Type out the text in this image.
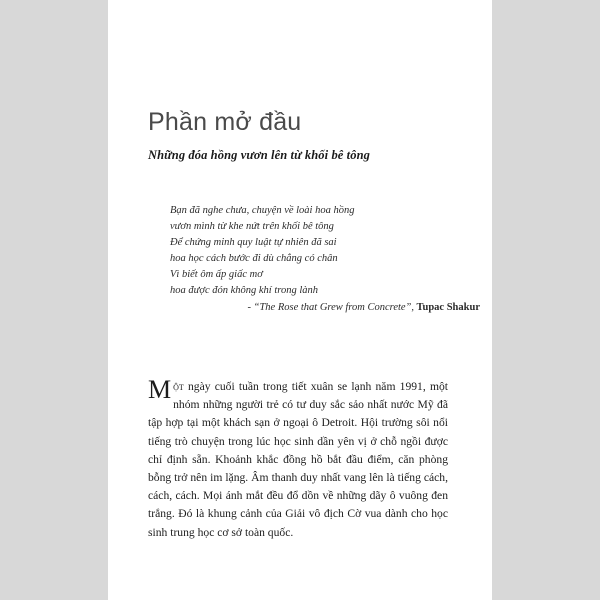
Phần mở đầu
Những đóa hồng vươn lên từ khối bê tông
Bạn đã nghe chưa, chuyện về loài hoa hồng
vươn mình từ khe nứt trên khối bê tông
Để chứng minh quy luật tự nhiên đã sai
hoa học cách bước đi dù chẳng có chân
Vì biết ôm ấp giấc mơ
hoa được đón không khí trong lành
- “The Rose that Grew from Concrete”, Tupac Shakur
Một ngày cuối tuần trong tiết xuân se lạnh năm 1991, một nhóm những người trẻ có tư duy sắc sảo nhất nước Mỹ đã tập hợp tại một khách sạn ở ngoại ô Detroit. Hội trường sôi nổi tiếng trò chuyện trong lúc học sinh dần yên vị ở chỗ ngồi được chỉ định sẵn. Khoảnh khắc đồng hồ bắt đầu điểm, căn phòng bỗng trở nên im lặng. Âm thanh duy nhất vang lên là tiếng cách, cách, cách. Mọi ánh mắt đều đổ dồn về những dãy ô vuông đen trắng. Đó là khung cảnh của Giải vô địch Cờ vua dành cho học sinh trung học cơ sở toàn quốc.
